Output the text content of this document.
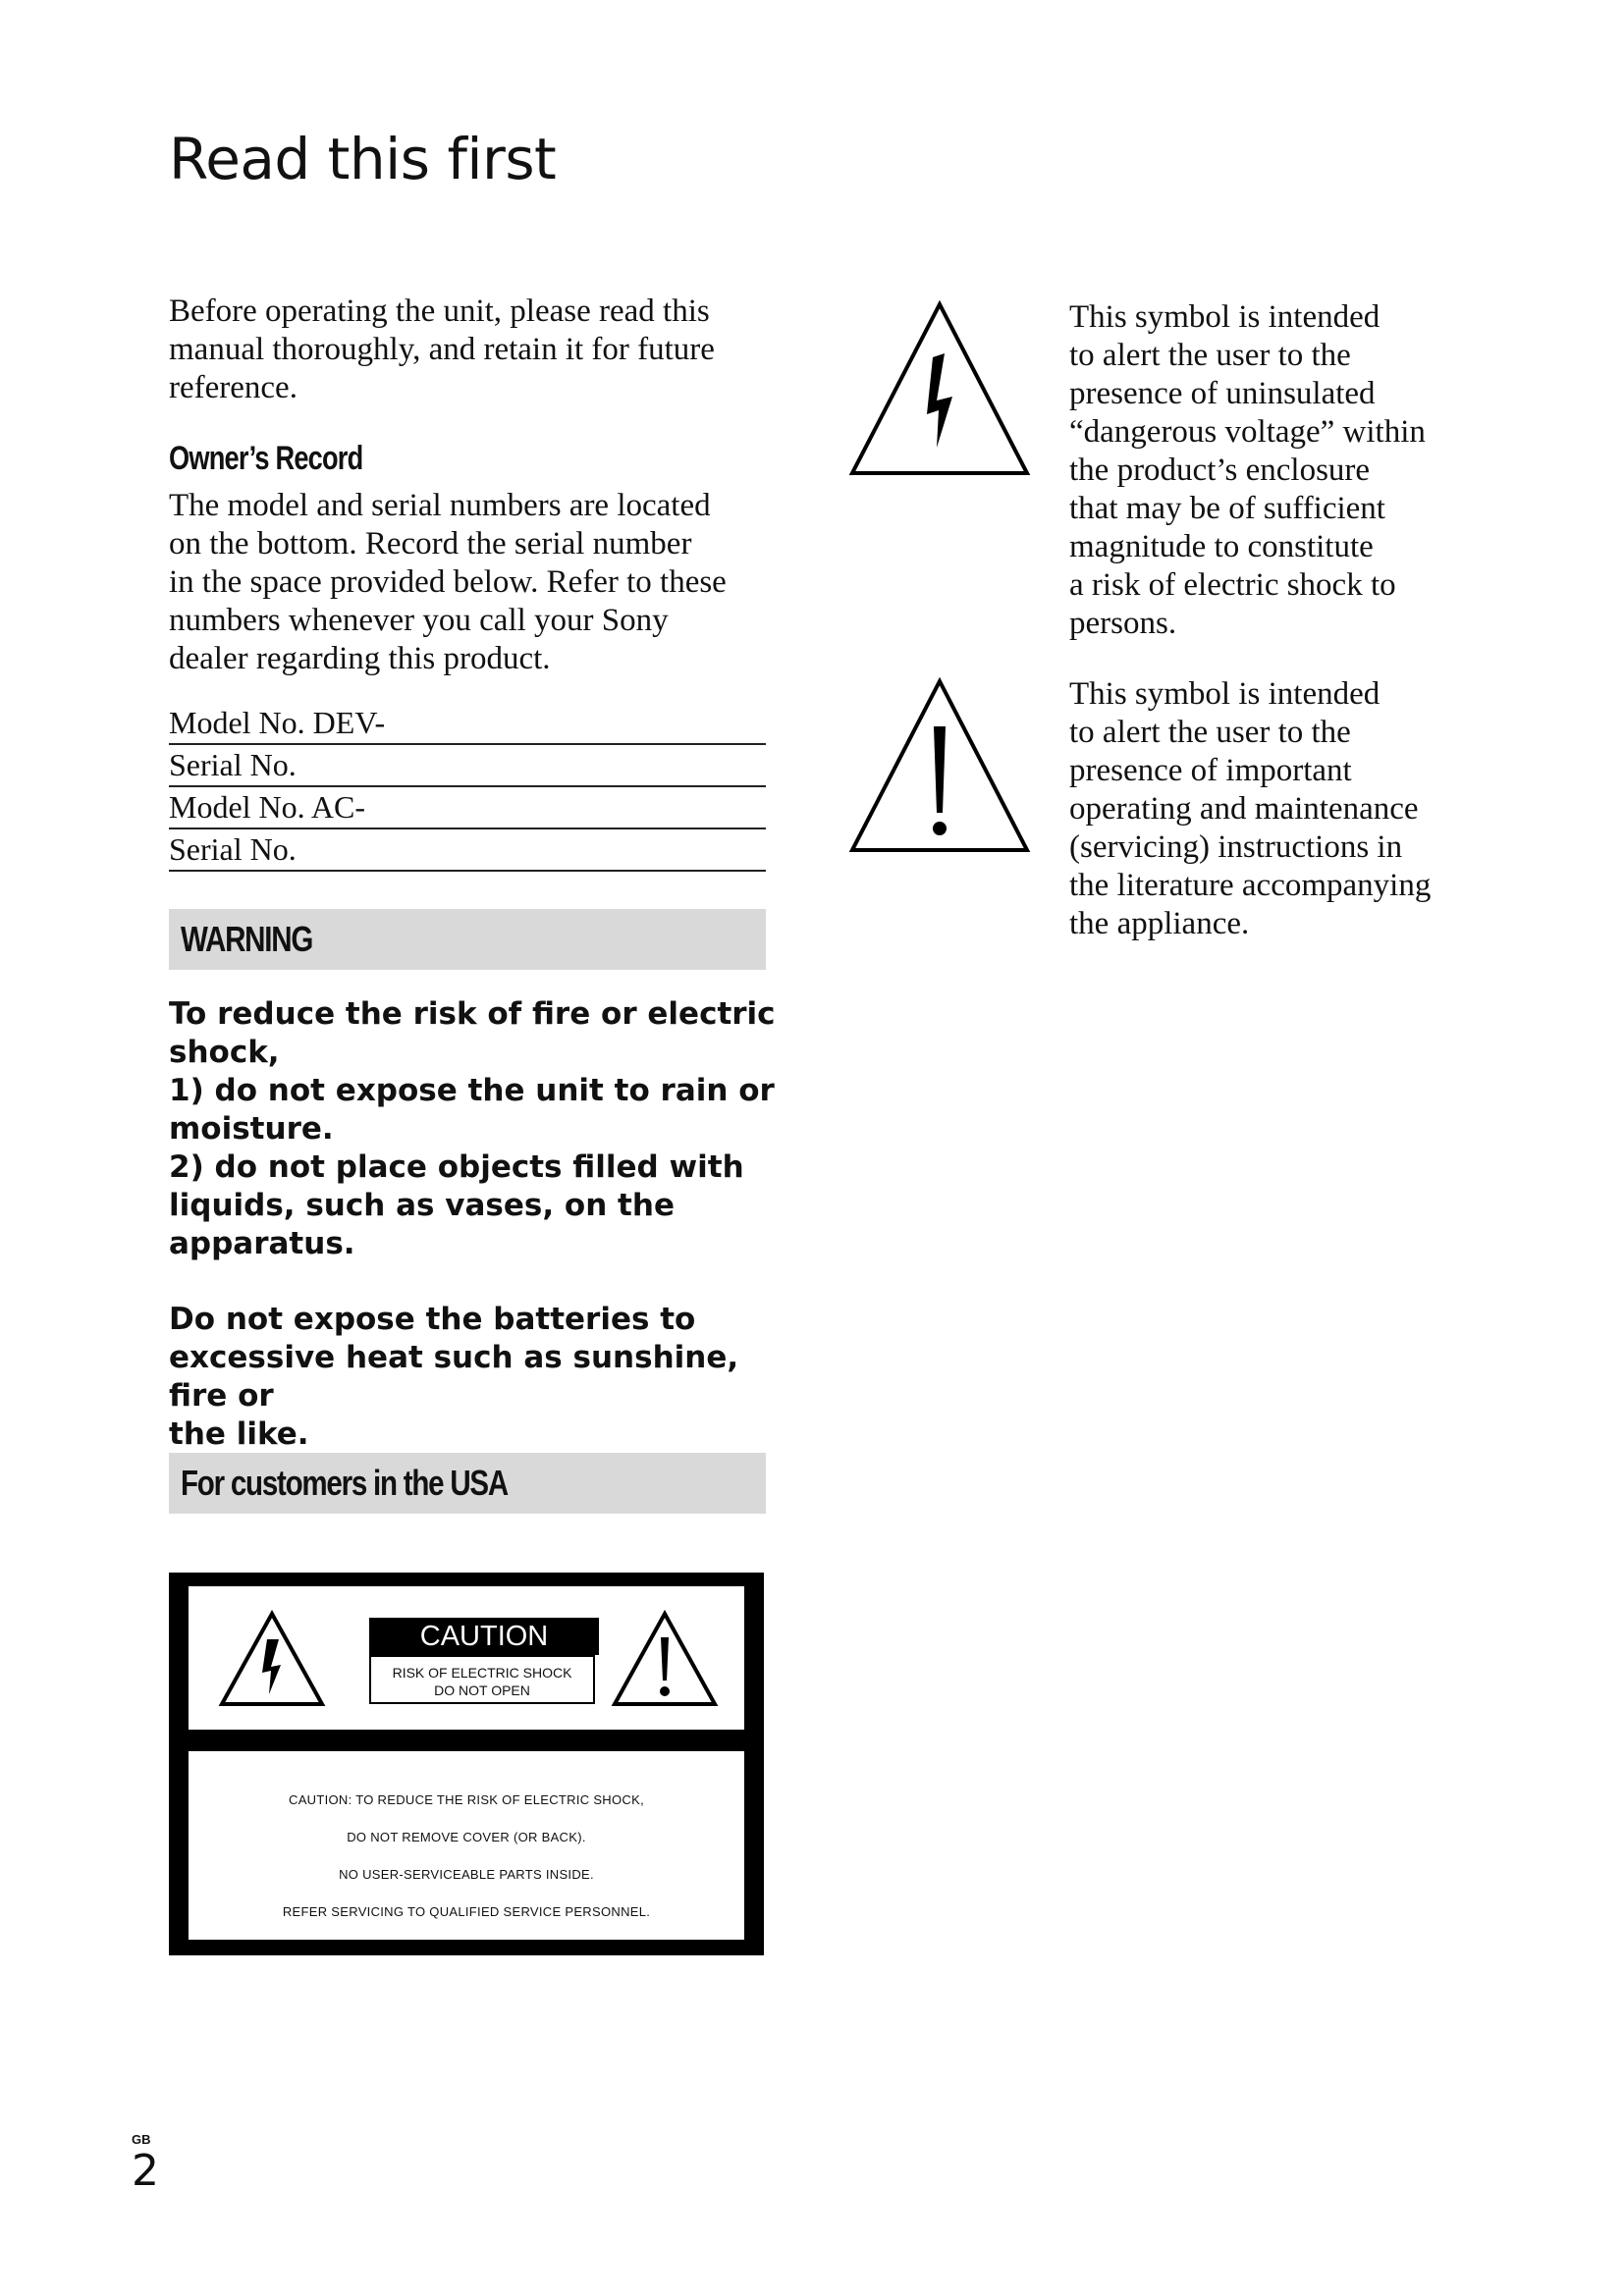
Read this first

Before operating the unit, please read this manual thoroughly, and retain it for future reference.

Owner’s Record
The model and serial numbers are located
on the bottom. Record the serial number
in the space provided below. Refer to these
numbers whenever you call your Sony
dealer regarding this product.
Model No. DEV-
Serial No.
Model No. AC-
Serial No.
WARNING
To reduce the risk of fire or electric
shock,
1) do not expose the unit to rain or
moisture.
2) do not place objects filled with
liquids, such as vases, on the
apparatus.
Do not expose the batteries to
excessive heat such as sunshine, fire or
the like.
For customers in the USA
CAUTION
RISK OF ELECTRIC SHOCK
DO NOT OPEN
CAUTION: TO REDUCE THE RISK OF ELECTRIC SHOCK,
DO NOT REMOVE COVER (OR BACK).
NO USER-SERVICEABLE PARTS INSIDE.
REFER SERVICING TO QUALIFIED SERVICE PERSONNEL.
This symbol is intended
to alert the user to the
presence of uninsulated
“dangerous voltage” within
the product’s enclosure
that may be of sufficient
magnitude to constitute
a risk of electric shock to
persons.
This symbol is intended
to alert the user to the
presence of important
operating and maintenance
(servicing) instructions in
the literature accompanying
the appliance.
GB
2
